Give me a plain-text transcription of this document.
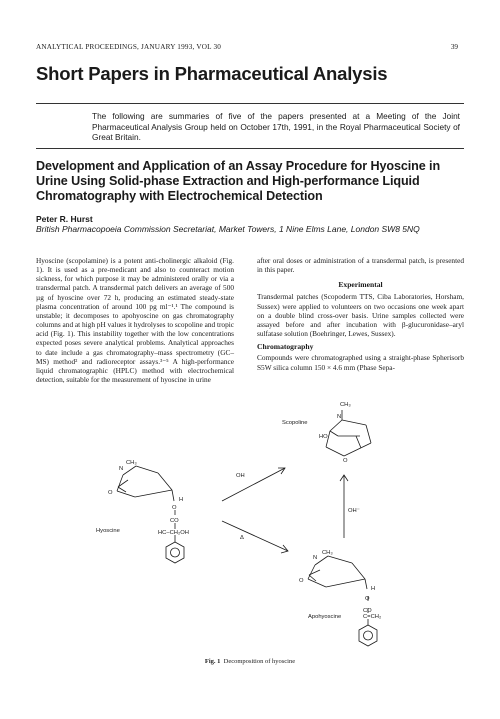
ANALYTICAL PROCEEDINGS, JANUARY 1993, VOL 30	39
Short Papers in Pharmaceutical Analysis
The following are summaries of five of the papers presented at a Meeting of the Joint Pharmaceutical Analysis Group held on October 17th, 1991, in the Royal Pharmaceutical Society of Great Britain.
Development and Application of an Assay Procedure for Hyoscine in Urine Using Solid-phase Extraction and High-performance Liquid Chromatography with Electrochemical Detection
Peter R. Hurst
British Pharmacopoeia Commission Secretariat, Market Towers, 1 Nine Elms Lane, London SW8 5NQ

Hyoscine (scopolamine) is a potent anti-cholinergic alkaloid (Fig. 1). It is used as a pre-medicant and also to counteract motion sickness, for which purpose it may be administered orally or via a transdermal patch. A transdermal patch delivers an average of 500 µg of hyoscine over 72 h, producing an estimated steady-state plasma concentration of around 100 pg ml⁻¹.¹ The compound is unstable; it decomposes to apohyoscine on gas chromatography columns and at high pH values it hydrolyses to scopoline and tropic acid (Fig. 1). This instability together with the low concentrations expected poses severe analytical problems. Analytical approaches to date include a gas chromatography–mass spectrometry (GC–MS) method² and radioreceptor assays.³⁻⁵ A high-performance liquid chromatographic (HPLC) method with electrochemical detection, suitable for the measurement of hyoscine in urine

after oral doses or administration of a transdermal patch, is presented in this paper.

Experimental

Transdermal patches (Scopoderm TTS, Ciba Laboratories, Horsham, Sussex) were applied to volunteers on two occasions one week apart on a double blind cross-over basis. Urine samples collected were assayed before and after incubation with β-glucuronidase–aryl sulfatase solution (Boehringer, Lewes, Sussex).

Chromatography

Compounds were chromatographed using a straight-phase Spherisorb S5W silica column 150 × 4.6 mm (Phase Sepa-

CH₃
N
HO
O
Scopoline
CH₃
N
O
H
O
CO
HC–CH₂OH
Hyoscine
OH
OH⁻
Δ
CH₃
N
O
H
O
CO
C=CH₂
Apohyoscine
Fig. 1 Decomposition of hyoscine
